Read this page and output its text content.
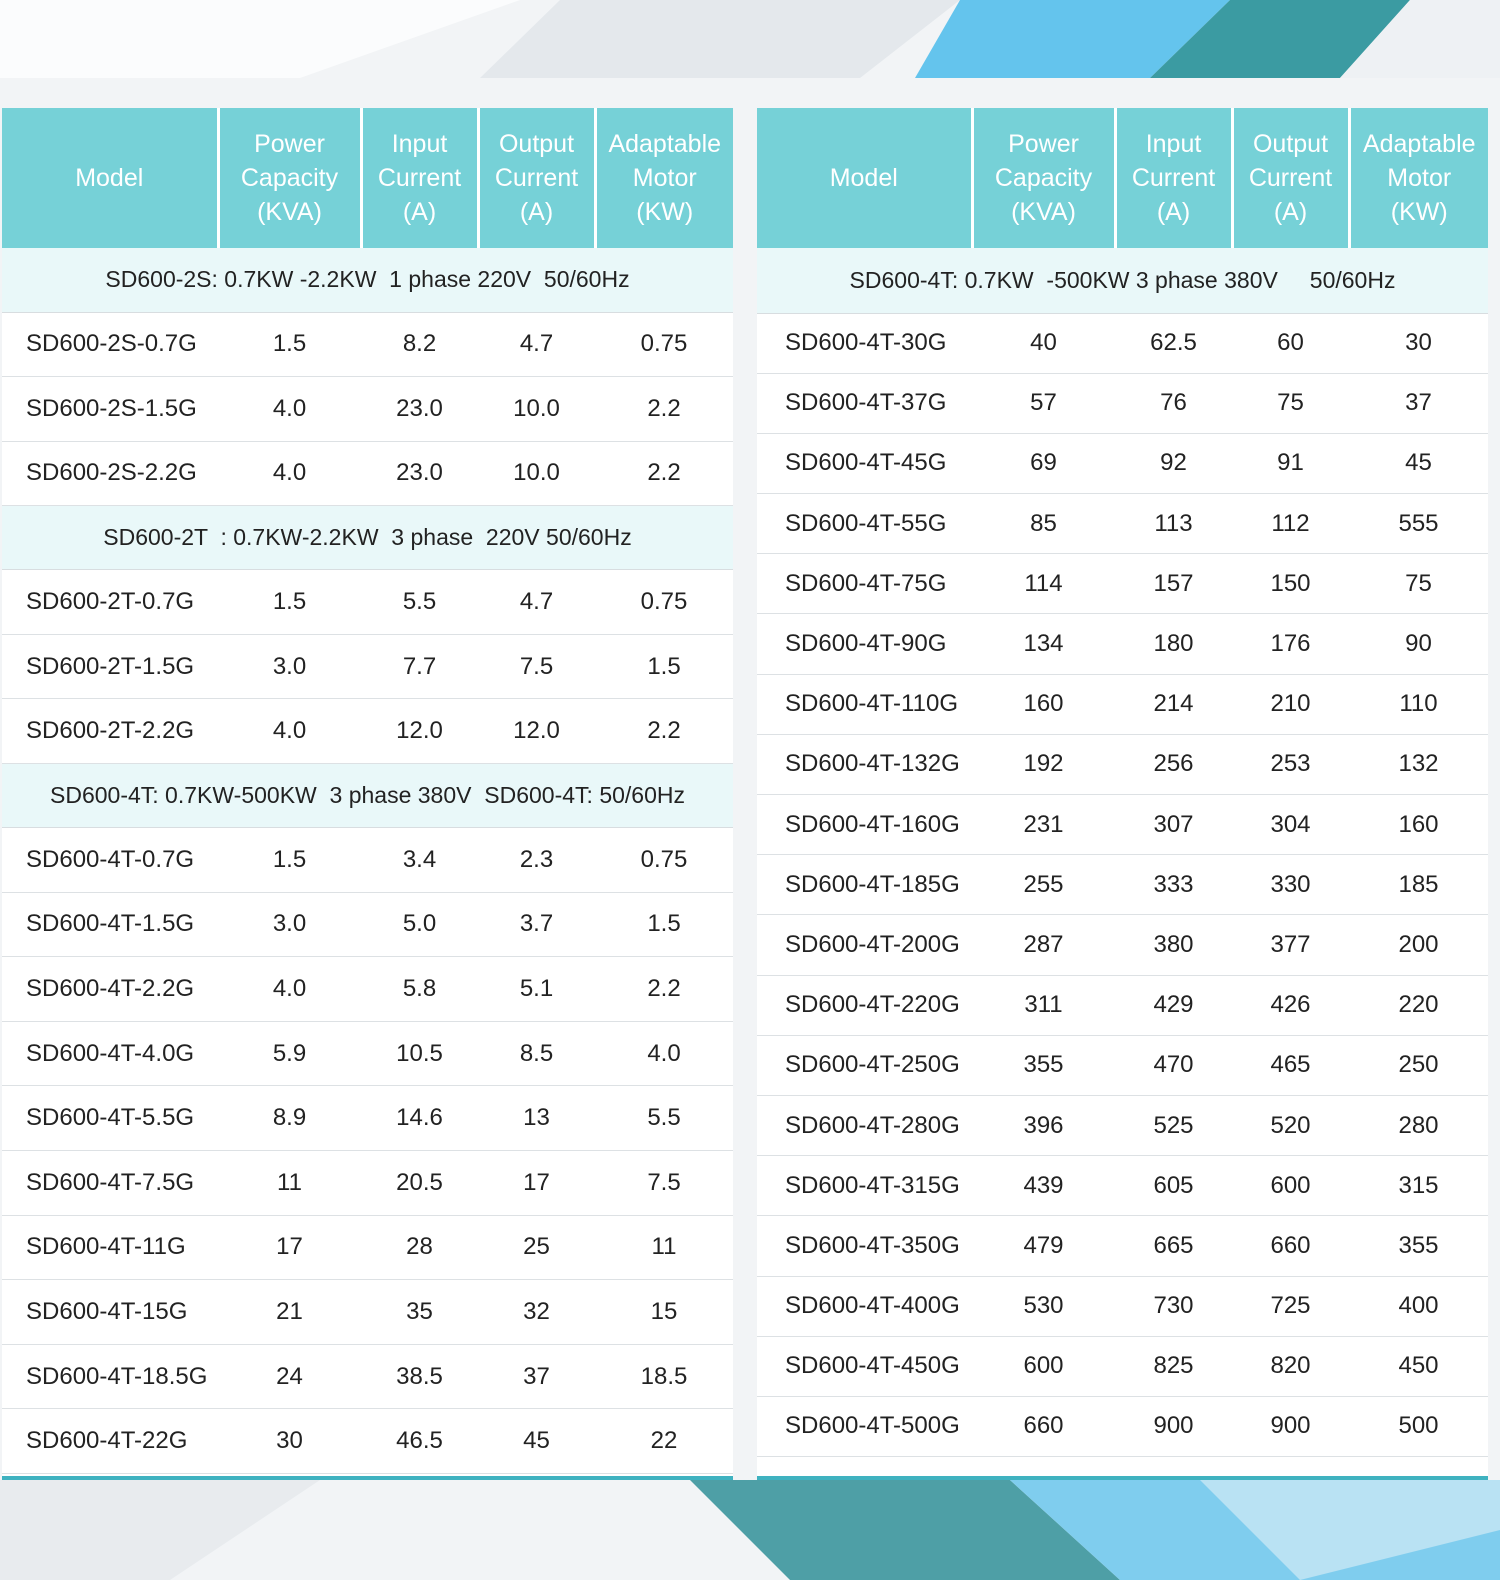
Model	Power
Capacity
(KVA)	Input
Current
(A)	Output
Current
(A)	Adaptable
Motor
(KW)
SD600-2S: 0.7KW -2.2KW  1 phase 220V  50/60Hz				
SD600-2S-0.7G	1.5	8.2	4.7	0.75
SD600-2S-1.5G	4.0	23.0	10.0	2.2
SD600-2S-2.2G	4.0	23.0	10.0	2.2
SD600-2T  : 0.7KW-2.2KW  3 phase  220V 50/60Hz				
SD600-2T-0.7G	1.5	5.5	4.7	0.75
SD600-2T-1.5G	3.0	7.7	7.5	1.5
SD600-2T-2.2G	4.0	12.0	12.0	2.2
SD600-4T: 0.7KW-500KW  3 phase 380V  SD600-4T: 50/60Hz				
SD600-4T-0.7G	1.5	3.4	2.3	0.75
SD600-4T-1.5G	3.0	5.0	3.7	1.5
SD600-4T-2.2G	4.0	5.8	5.1	2.2
SD600-4T-4.0G	5.9	10.5	8.5	4.0
SD600-4T-5.5G	8.9	14.6	13	5.5
SD600-4T-7.5G	11	20.5	17	7.5
SD600-4T-11G	17	28	25	11
SD600-4T-15G	21	35	32	15
SD600-4T-18.5G	24	38.5	37	18.5
SD600-4T-22G	30	46.5	45	22
Model	Power
Capacity
(KVA)	Input
Current
(A)	Output
Current
(A)	Adaptable
Motor
(KW)
SD600-4T: 0.7KW  -500KW 3 phase 380V     50/60Hz				
SD600-4T-30G	40	62.5	60	30
SD600-4T-37G	57	76	75	37
SD600-4T-45G	69	92	91	45
SD600-4T-55G	85	113	112	555
SD600-4T-75G	114	157	150	75
SD600-4T-90G	134	180	176	90
SD600-4T-110G	160	214	210	110
SD600-4T-132G	192	256	253	132
SD600-4T-160G	231	307	304	160
SD600-4T-185G	255	333	330	185
SD600-4T-200G	287	380	377	200
SD600-4T-220G	311	429	426	220
SD600-4T-250G	355	470	465	250
SD600-4T-280G	396	525	520	280
SD600-4T-315G	439	605	600	315
SD600-4T-350G	479	665	660	355
SD600-4T-400G	530	730	725	400
SD600-4T-450G	600	825	820	450
SD600-4T-500G	660	900	900	500
